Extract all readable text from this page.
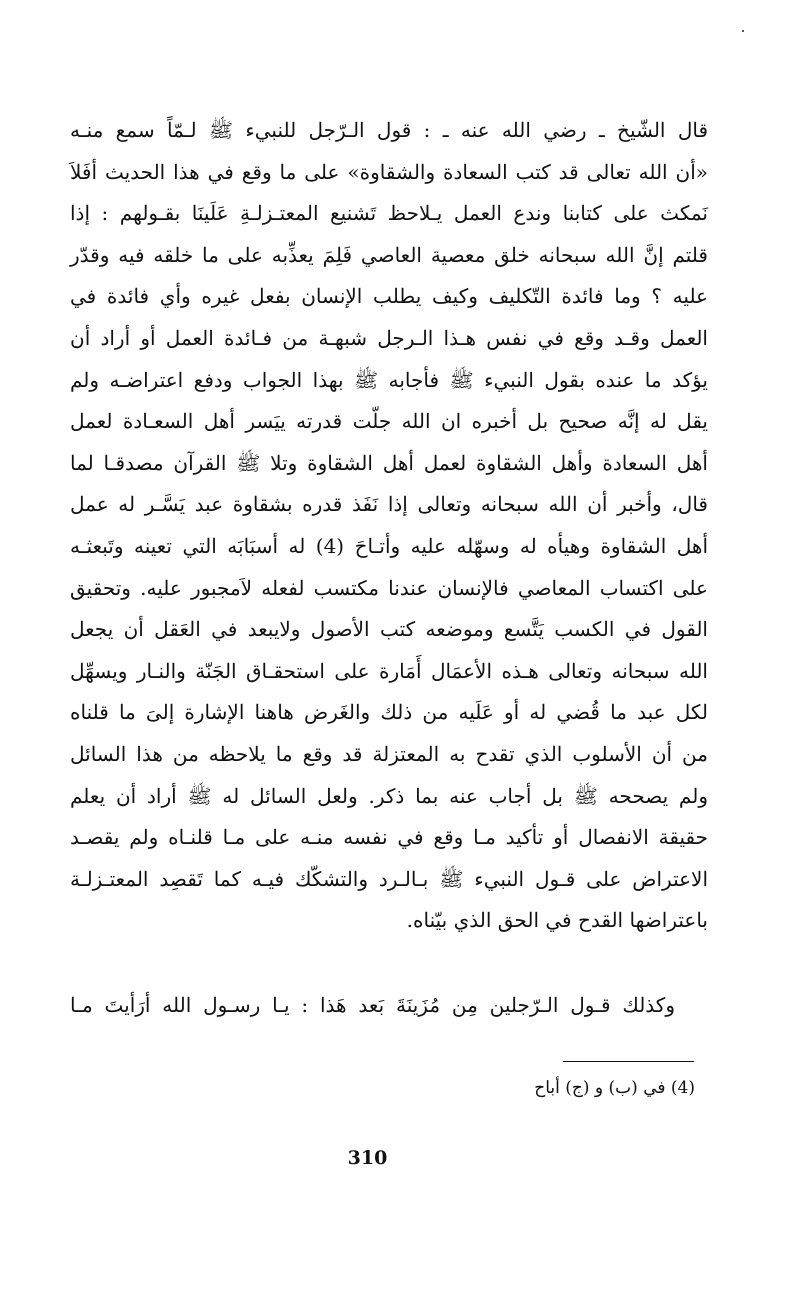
قال الشّيخ ـ رضي الله عنه ـ : قول الـرّجل للنبيء ﷺ لـمّاً سمع منـه
«أن الله تعالى قد كتب السعادة والشقاوة» على ما وقع في هذا الحديث أفَلاَ
نَمكث على كتابنا وندع العمل يـلاحظ تَشنيع المعتـزلـةِ عَلَينَا بقـولهم : إذا
قلتم إنَّ الله سبحانه خلق معصية العاصي فَلِمَ يعذِّبه على ما خلقه فيه وقدّر
عليه ؟ وما فائدة التّكليف وكيف يطلب الإنسان بفعل غيره وأي فائدة في
العمل وقـد وقع في نفس هـذا الـرجل شبهـة من فـائدة العمل أو أراد أن
يؤكد ما عنده بقول النبيء ﷺ فأجابه ﷺ بهذا الجواب ودفع اعتراضـه ولم
يقل له إنَّه صحيح بل أخبره ان الله جلّت قدرته ييَسر أهل السعـادة لعمل
أهل السعادة وأهل الشقاوة لعمل أهل الشقاوة وتلا ﷺ القرآن مصدقـا لما
قال، وأخبر أن الله سبحانه وتعالى إذا نَفَذ قدره بشقاوة عبد يَسَّـر له عمل
أهل الشقاوة وهيأه له وسهّله عليه وأتـاحَ (4) له أسبَابَه التي تعينه وتَبعثـه
على اكتساب المعاصي فالإنسان عندنا مكتسب لفعله لاَمجبور عليه. وتحقيق
القول في الكسب يَتَّسع وموضعه كتب الأصول ولايبعد في العَقل أن يجعل
الله سبحانه وتعالى هـذه الأعمَال أَمَارة على استحقـاق الجَنّة والنـار ويسهِّل
لكل عبد ما قُضي له أو عَلَيه من ذلك والغَرض هاهنا الإشارة إلىَ ما قلناه
من أن الأسلوب الذي تقدح به المعتزلة قد وقع ما يلاحظه من هذا السائل
ولم يصححه ﷺ بل أجاب عنه بما ذكر. ولعل السائل له ﷺ أراد أن يعلم
حقيقة الانفصال أو تأكيد مـا وقع في نفسه منـه على مـا قلنـاه ولم يقصـد
الاعتراض على قـول النبيء ﷺ بـالـرد والتشكّك فيـه كما تَقصِد المعتـزلـة
باعتراضها القدح في الحق الذي بيّناه.
وكذلك قـول الـرّجلين مِن مُزَينَةَ بَعد هَذا : يـا رسـول الله أرَأيتَ مـا
(4) في (ب) و (ج) أباح
310
